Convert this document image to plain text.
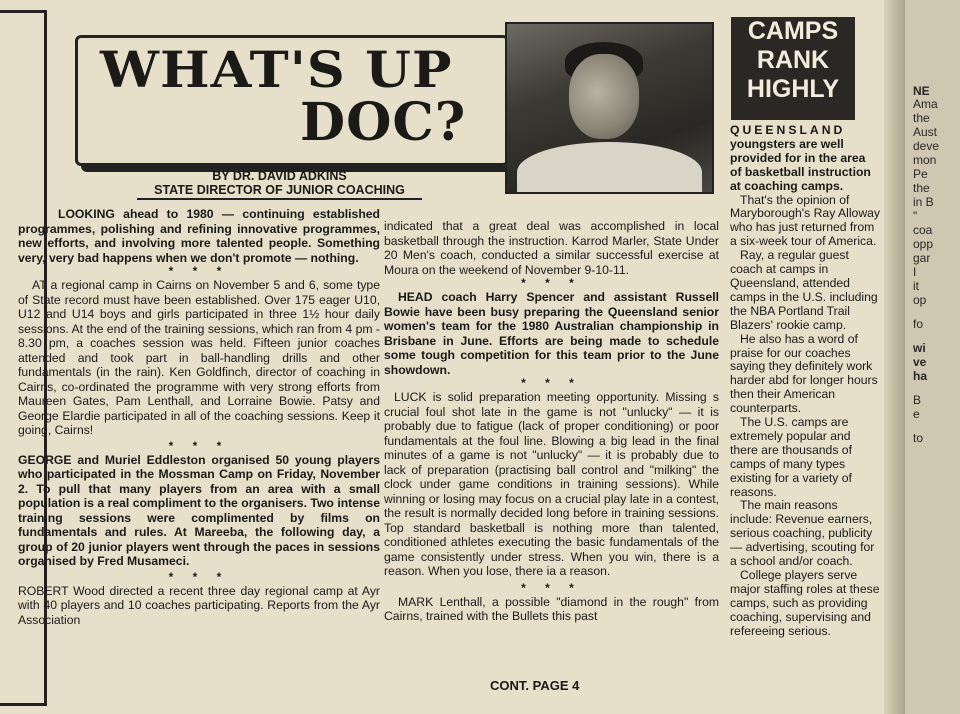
WHAT'S UP
DOC?
BY DR. DAVID ADKINS
STATE DIRECTOR OF JUNIOR COACHING

LOOKING ahead to 1980 — continuing established programmes, polishing and refining innovative programmes, new efforts, and involving more talented people. Something very, very bad happens when we don't promote — nothing.

* * *

AT a regional camp in Cairns on November 5 and 6, some type of State record must have been established. Over 175 eager U10, U12 and U14 boys and girls participated in three 1½ hour daily sessions. At the end of the training sessions, which ran from 4 pm - 8.30 pm, a coaches session was held. Fifteen junior coaches attended and took part in ball-handling drills and other fundamentals (in the rain). Ken Goldfinch, director of coaching in Cairns, co-ordinated the programme with very strong efforts from Maureen Gates, Pam Lenthall, and Lorraine Bowie. Patsy and George Elardie participated in all of the coaching sessions. Keep it going, Cairns!

* * *

GEORGE and Muriel Eddleston organised 50 young players who participated in the Mossman Camp on Friday, November 2. To pull that many players from an area with a small population is a real compliment to the organisers. Two intense training sessions were complimented by films on fundamentals and rules. At Mareeba, the following day, a group of 20 junior players went through the paces in sessions organised by Fred Musameci.

* * *

ROBERT Wood directed a recent three day regional camp at Ayr with 40 players and 10 coaches participating. Reports from the Ayr Association

indicated that a great deal was accomplished in local basketball through the instruction. Karrod Marler, State Under 20 Men's coach, conducted a similar successful exercise at Moura on the weekend of November 9-10-11.

* * *

HEAD coach Harry Spencer and assistant Russell Bowie have been busy preparing the Queensland senior women's team for the 1980 Australian championship in Brisbane in June. Efforts are being made to schedule some tough competition for this team prior to the June showdown.

* * *

LUCK is solid preparation meeting opportunity. Missing s crucial foul shot late in the game is not "unlucky" — it is probably due to fatigue (lack of proper conditioning) or poor fundamentals at the foul line. Blowing a big lead in the final minutes of a game is not "unlucky" — it is probably due to lack of preparation (practising ball control and "milking" the clock under game conditions in training sessions). While winning or losing may focus on a crucial play late in a contest, the result is normally decided long before in training sessions. Top standard basketball is nothing more than talented, conditioned athletes executing the basic fundamentals of the game consistently under stress. When you win, there is a reason. When you lose, there ia a reason.

* * *

MARK Lenthall, a possible "diamond in the rough" from Cairns, trained with the Bullets this past

CONT. PAGE 4
CAMPS
RANK
HIGHLY

QUEENSLAND youngsters are well provided for in the area of basketball instruction at coaching camps.

That's the opinion of Maryborough's Ray Alloway who has just returned from a six-week tour of America.

Ray, a regular guest coach at camps in Queensland, attended camps in the U.S. including the NBA Portland Trail Blazers' rookie camp.

He also has a word of praise for our coaches saying they definitely work harder abd for longer hours then their American counterparts.

The U.S. camps are extremely popular and there are thousands of camps of many types existing for a variety of reasons.

The main reasons include: Revenue earners, serious coaching, publicity — advertising, scouting for a school and/or coach.

College players serve major staffing roles at these camps, such as providing coaching, supervising and refereeing serious.

NE
Ama
the
Aust
deve
mon
Pe
the
in B
"
coa
opp
gar
I
it
op
fo
wi
ve
ha
B
e
to
